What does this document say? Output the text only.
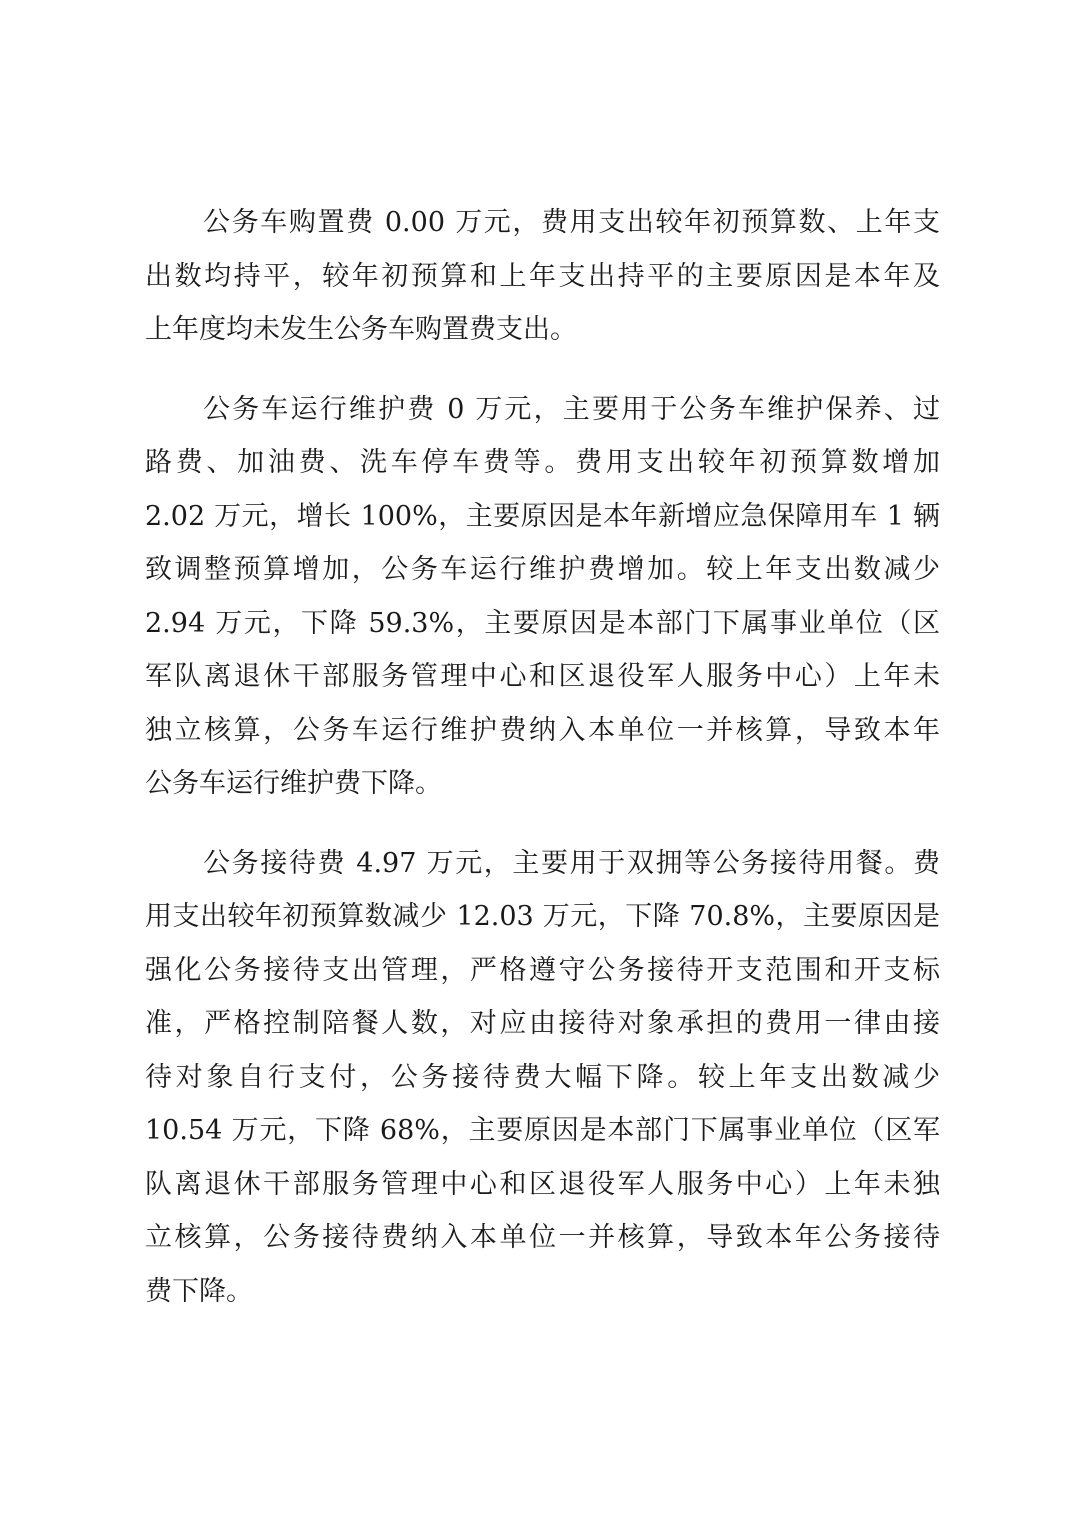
公务车购置费 0.00 万元，费用支出较年初预算数、上年支
出数均持平，较年初预算和上年支出持平的主要原因是本年及
上年度均未发生公务车购置费支出。

公务车运行维护费 0 万元，主要用于公务车维护保养、过
路费、加油费、洗车停车费等。费用支出较年初预算数增加
2.02 万元，增长 100%，主要原因是本年新增应急保障用车 1 辆
致调整预算增加，公务车运行维护费增加。较上年支出数减少
2.94 万元，下降 59.3%，主要原因是本部门下属事业单位（区
军队离退休干部服务管理中心和区退役军人服务中心）上年未
独立核算，公务车运行维护费纳入本单位一并核算，导致本年
公务车运行维护费下降。

公务接待费 4.97 万元，主要用于双拥等公务接待用餐。费
用支出较年初预算数减少 12.03 万元，下降 70.8%，主要原因是
强化公务接待支出管理，严格遵守公务接待开支范围和开支标
准，严格控制陪餐人数，对应由接待对象承担的费用一律由接
待对象自行支付，公务接待费大幅下降。较上年支出数减少
10.54 万元，下降 68%，主要原因是本部门下属事业单位（区军
队离退休干部服务管理中心和区退役军人服务中心）上年未独
立核算，公务接待费纳入本单位一并核算，导致本年公务接待
费下降。
